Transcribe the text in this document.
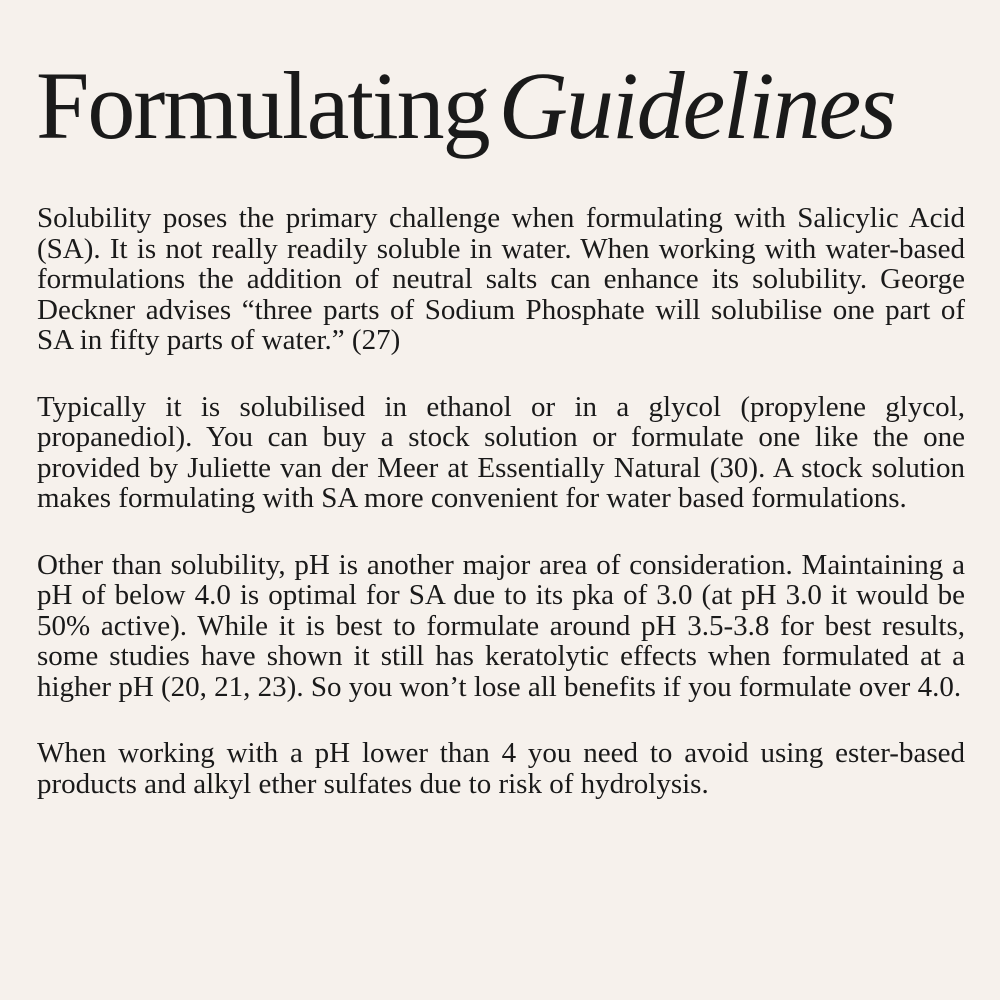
Formulating Guidelines

Solubility poses the primary challenge when formulating with Salicylic Acid (SA). It is not really readily soluble in water. When working with water-based formulations the addition of neutral salts can enhance its solubility. George Deckner advises “three parts of Sodium Phosphate will solubilise one part of SA in fifty parts of water.” (27)

Typically it is solubilised in ethanol or in a glycol (propylene glycol, propanediol). You can buy a stock solution or formulate one like the one provided by Juliette van der Meer at Essentially Natural (30). A stock solution makes formulating with SA more convenient for water based formulations.

Other than solubility, pH is another major area of consideration. Maintaining a pH of below 4.0 is optimal for SA due to its pka of 3.0 (at pH 3.0 it would be 50% active). While it is best to formulate around pH 3.5-3.8 for best results, some studies have shown it still has keratolytic effects when formulated at a higher pH (20, 21, 23). So you won’t lose all benefits if you formulate over 4.0.

When working with a pH lower than 4 you need to avoid using ester-based products and alkyl ether sulfates due to risk of hydrolysis.
